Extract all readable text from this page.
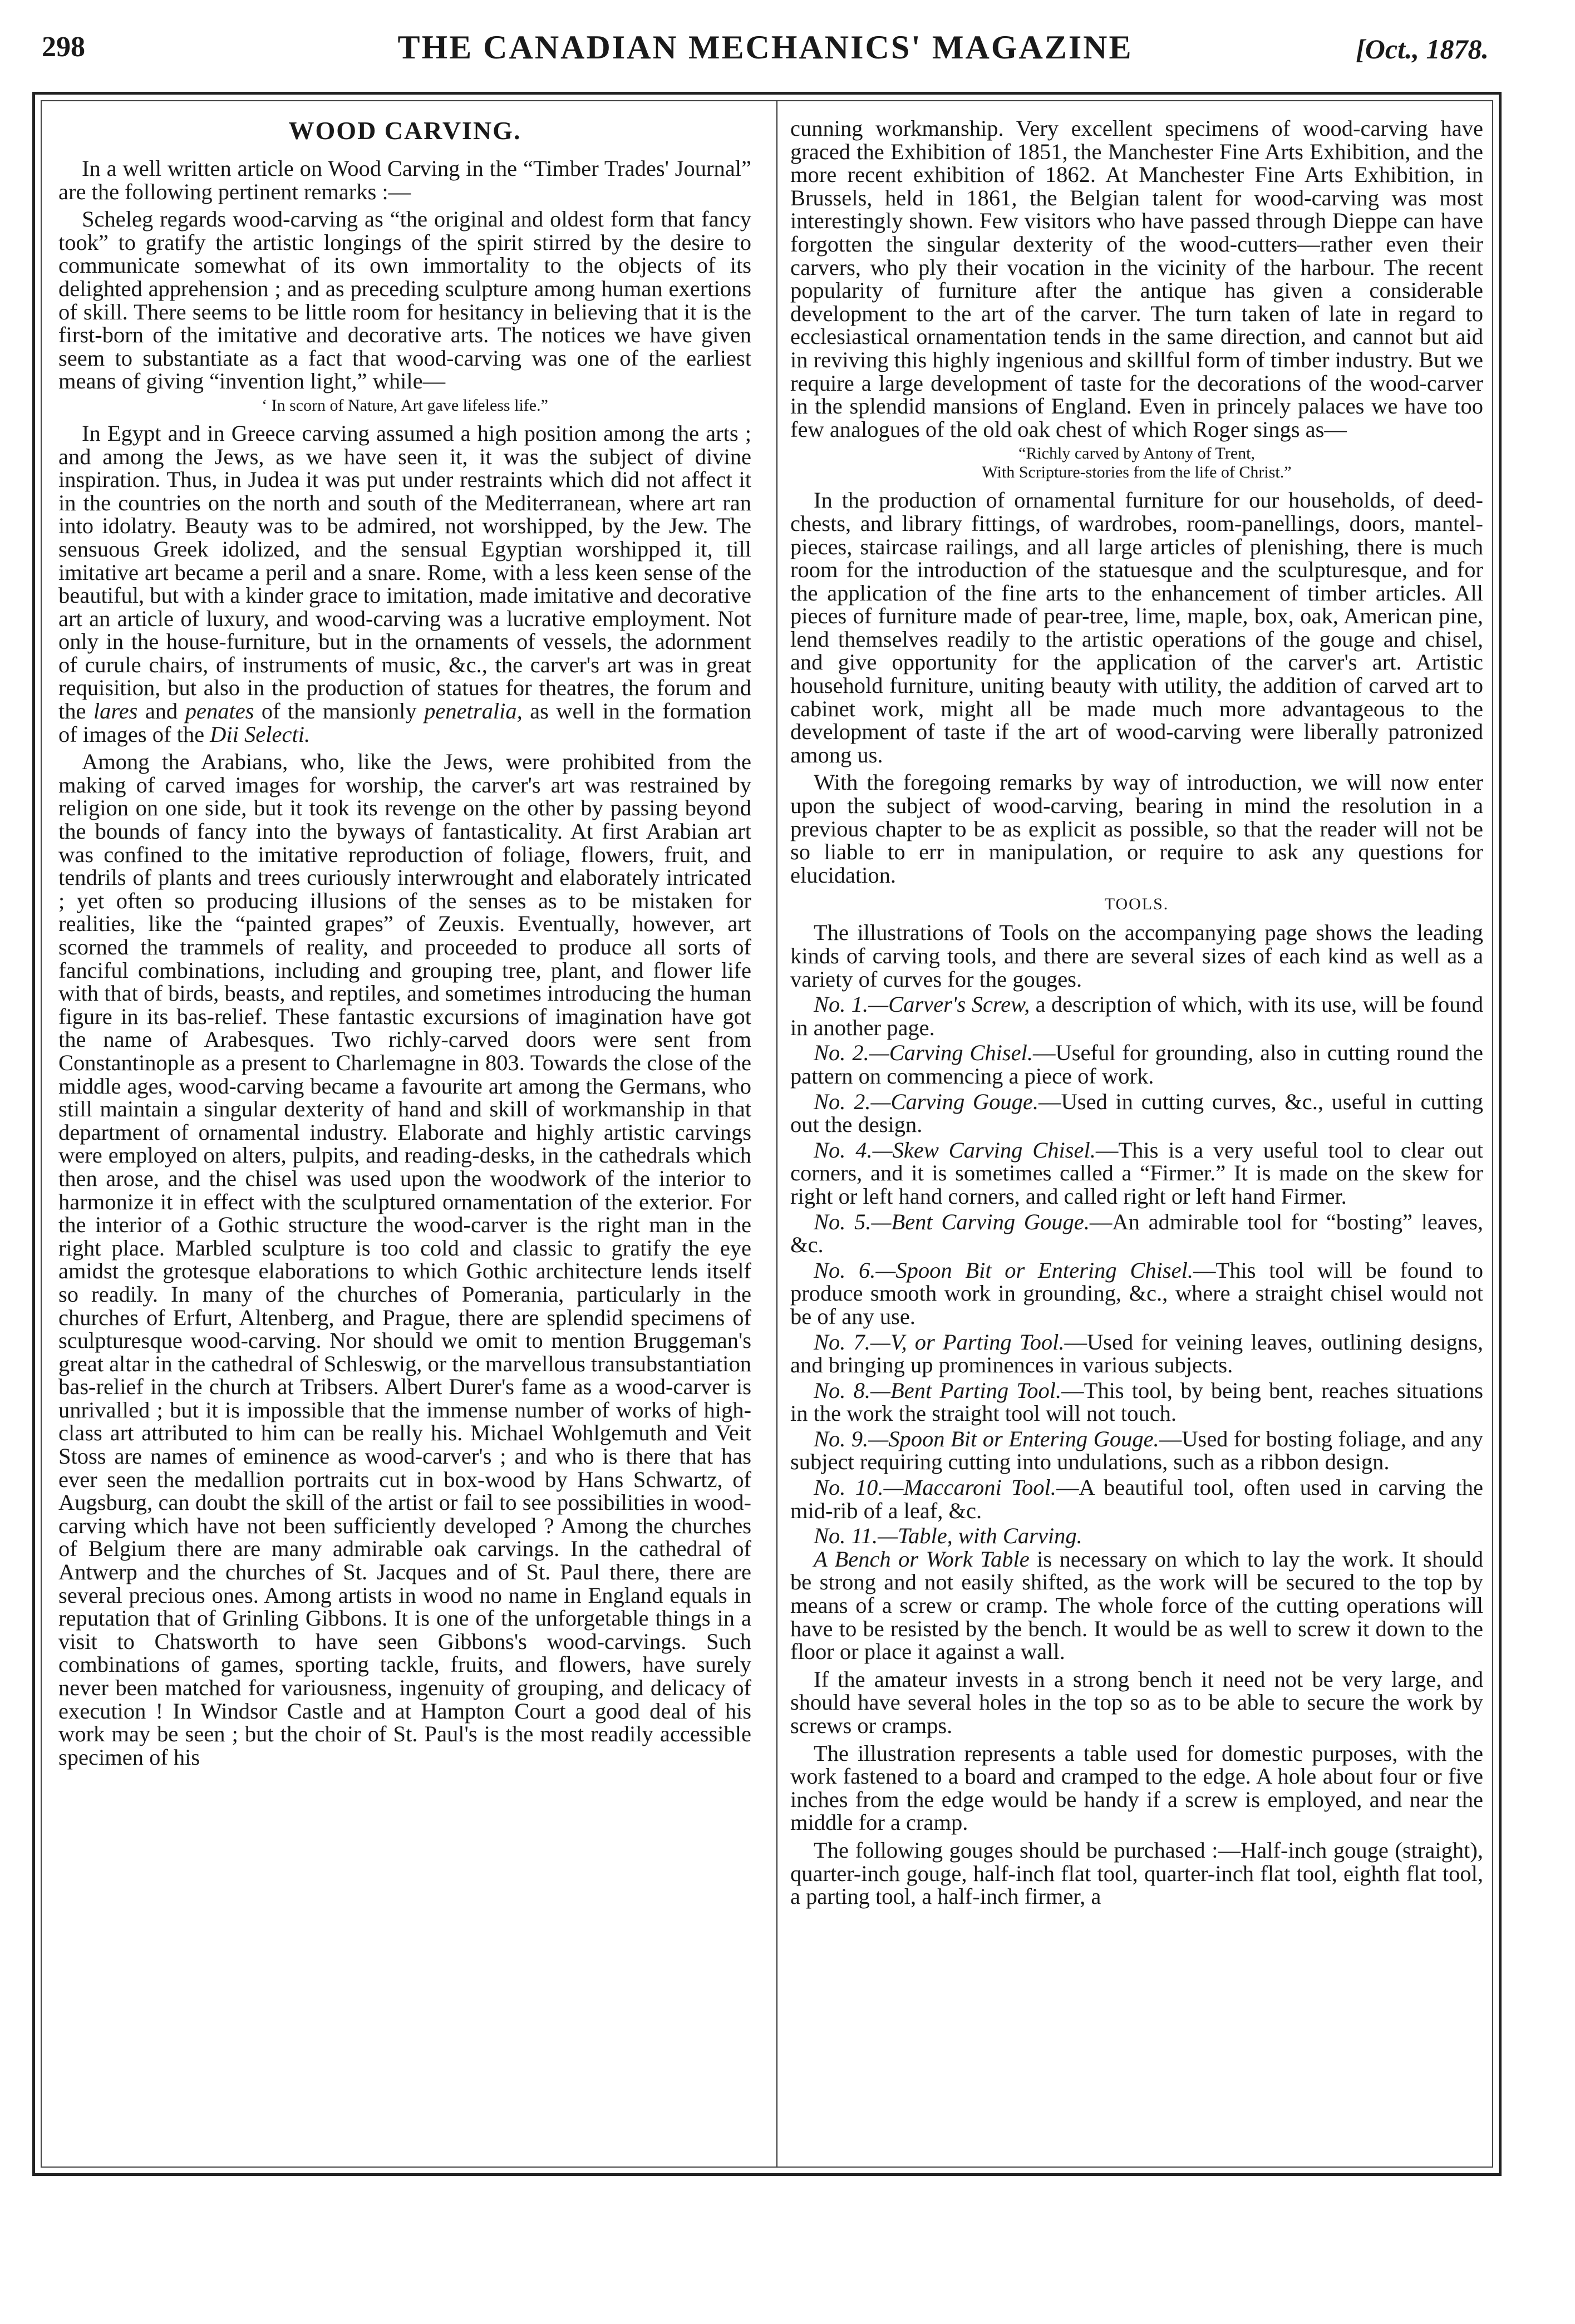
298	THE CANADIAN MECHANICS' MAGAZINE	[Oct., 1878.
WOOD CARVING.

In a well written article on Wood Carving in the “Timber Trades' Journal” are the following pertinent remarks :—

Scheleg regards wood-carving as “the original and oldest form that fancy took” to gratify the artistic longings of the spirit stirred by the desire to communicate somewhat of its own immortality to the objects of its delighted apprehension ; and as preceding sculpture among human exertions of skill. There seems to be little room for hesitancy in believing that it is the first-born of the imitative and decorative arts. The notices we have given seem to substantiate as a fact that wood-carving was one of the earliest means of giving “invention light,” while—

‘ In scorn of Nature, Art gave lifeless life.”

In Egypt and in Greece carving assumed a high position among the arts ; and among the Jews, as we have seen it, it was the subject of divine inspiration. Thus, in Judea it was put under restraints which did not affect it in the countries on the north and south of the Mediterranean, where art ran into idolatry. Beauty was to be admired, not worshipped, by the Jew. The sensuous Greek idolized, and the sensual Egyptian worshipped it, till imitative art became a peril and a snare. Rome, with a less keen sense of the beautiful, but with a kinder grace to imitation, made imitative and decorative art an article of luxury, and wood-carving was a lucrative employment. Not only in the house-furniture, but in the ornaments of vessels, the adornment of curule chairs, of instruments of music, &c., the carver's art was in great requisition, but also in the production of statues for theatres, the forum and the lares and penates of the mansionly penetralia, as well in the formation of images of the Dii Selecti.

Among the Arabians, who, like the Jews, were prohibited from the making of carved images for worship, the carver's art was restrained by religion on one side, but it took its revenge on the other by passing beyond the bounds of fancy into the byways of fantasticality. At first Arabian art was confined to the imitative reproduction of foliage, flowers, fruit, and tendrils of plants and trees curiously interwrought and elaborately intricated ; yet often so producing illusions of the senses as to be mistaken for realities, like the “painted grapes” of Zeuxis. Eventually, however, art scorned the trammels of reality, and proceeded to produce all sorts of fanciful combinations, including and grouping tree, plant, and flower life with that of birds, beasts, and reptiles, and sometimes introducing the human figure in its bas-relief. These fantastic excursions of imagination have got the name of Arabesques. Two richly-carved doors were sent from Constantinople as a present to Charlemagne in 803. Towards the close of the middle ages, wood-carving became a favourite art among the Germans, who still maintain a singular dexterity of hand and skill of workmanship in that department of ornamental industry. Elaborate and highly artistic carvings were employed on alters, pulpits, and reading-desks, in the cathedrals which then arose, and the chisel was used upon the woodwork of the interior to harmonize it in effect with the sculptured ornamentation of the exterior. For the interior of a Gothic structure the wood-carver is the right man in the right place. Marbled sculpture is too cold and classic to gratify the eye amidst the grotesque elaborations to which Gothic architecture lends itself so readily. In many of the churches of Pomerania, particularly in the churches of Erfurt, Altenberg, and Prague, there are splendid specimens of sculpturesque wood-carving. Nor should we omit to mention Bruggeman's great altar in the cathedral of Schleswig, or the marvellous transubstantiation bas-relief in the church at Tribsers. Albert Durer's fame as a wood-carver is unrivalled ; but it is impossible that the immense number of works of high-class art attributed to him can be really his. Michael Wohlgemuth and Veit Stoss are names of eminence as wood-carver's ; and who is there that has ever seen the medallion portraits cut in box-wood by Hans Schwartz, of Augsburg, can doubt the skill of the artist or fail to see possibilities in wood-carving which have not been sufficiently developed ? Among the churches of Belgium there are many admirable oak carvings. In the cathedral of Antwerp and the churches of St. Jacques and of St. Paul there, there are several precious ones. Among artists in wood no name in England equals in reputation that of Grinling Gibbons. It is one of the unforgetable things in a visit to Chatsworth to have seen Gibbons's wood-carvings. Such combinations of games, sporting tackle, fruits, and flowers, have surely never been matched for variousness, ingenuity of grouping, and delicacy of execution ! In Windsor Castle and at Hampton Court a good deal of his work may be seen ; but the choir of St. Paul's is the most readily accessible specimen of his

cunning workmanship. Very excellent specimens of wood-carving have graced the Exhibition of 1851, the Manchester Fine Arts Exhibition, and the more recent exhibition of 1862. At Manchester Fine Arts Exhibition, in Brussels, held in 1861, the Belgian talent for wood-carving was most interestingly shown. Few visitors who have passed through Dieppe can have forgotten the singular dexterity of the wood-cutters—rather even their carvers, who ply their vocation in the vicinity of the harbour. The recent popularity of furniture after the antique has given a considerable development to the art of the carver. The turn taken of late in regard to ecclesiastical ornamentation tends in the same direction, and cannot but aid in reviving this highly ingenious and skillful form of timber industry. But we require a large development of taste for the decorations of the wood-carver in the splendid mansions of England. Even in princely palaces we have too few analogues of the old oak chest of which Roger sings as—

“Richly carved by Antony of Trent,
With Scripture-stories from the life of Christ.”

In the production of ornamental furniture for our households, of deed-chests, and library fittings, of wardrobes, room-panellings, doors, mantel-pieces, staircase railings, and all large articles of plenishing, there is much room for the introduction of the statuesque and the sculpturesque, and for the application of the fine arts to the enhancement of timber articles. All pieces of furniture made of pear-tree, lime, maple, box, oak, American pine, lend themselves readily to the artistic operations of the gouge and chisel, and give opportunity for the application of the carver's art. Artistic household furniture, uniting beauty with utility, the addition of carved art to cabinet work, might all be made much more advantageous to the development of taste if the art of wood-carving were liberally patronized among us.

With the foregoing remarks by way of introduction, we will now enter upon the subject of wood-carving, bearing in mind the resolution in a previous chapter to be as explicit as possible, so that the reader will not be so liable to err in manipulation, or require to ask any questions for elucidation.

TOOLS.

The illustrations of Tools on the accompanying page shows the leading kinds of carving tools, and there are several sizes of each kind as well as a variety of curves for the gouges.

No. 1.—Carver's Screw, a description of which, with its use, will be found in another page.
No. 2.—Carving Chisel.—Useful for grounding, also in cutting round the pattern on commencing a piece of work.
No. 2.—Carving Gouge.—Used in cutting curves, &c., useful in cutting out the design.
No. 4.—Skew Carving Chisel.—This is a very useful tool to clear out corners, and it is sometimes called a “Firmer.” It is made on the skew for right or left hand corners, and called right or left hand Firmer.
No. 5.—Bent Carving Gouge.—An admirable tool for “bosting” leaves, &c.
No. 6.—Spoon Bit or Entering Chisel.—This tool will be found to produce smooth work in grounding, &c., where a straight chisel would not be of any use.
No. 7.—V, or Parting Tool.—Used for veining leaves, outlining designs, and bringing up prominences in various subjects.
No. 8.—Bent Parting Tool.—This tool, by being bent, reaches situations in the work the straight tool will not touch.
No. 9.—Spoon Bit or Entering Gouge.—Used for bosting foliage, and any subject requiring cutting into undulations, such as a ribbon design.
No. 10.—Maccaroni Tool.—A beautiful tool, often used in carving the mid-rib of a leaf, &c.
No. 11.—Table, with Carving.

A Bench or Work Table is necessary on which to lay the work. It should be strong and not easily shifted, as the work will be secured to the top by means of a screw or cramp. The whole force of the cutting operations will have to be resisted by the bench. It would be as well to screw it down to the floor or place it against a wall.

If the amateur invests in a strong bench it need not be very large, and should have several holes in the top so as to be able to secure the work by screws or cramps.

The illustration represents a table used for domestic purposes, with the work fastened to a board and cramped to the edge. A hole about four or five inches from the edge would be handy if a screw is employed, and near the middle for a cramp.

The following gouges should be purchased :—Half-inch gouge (straight), quarter-inch gouge, half-inch flat tool, quarter-inch flat tool, eighth flat tool, a parting tool, a half-inch firmer, a
